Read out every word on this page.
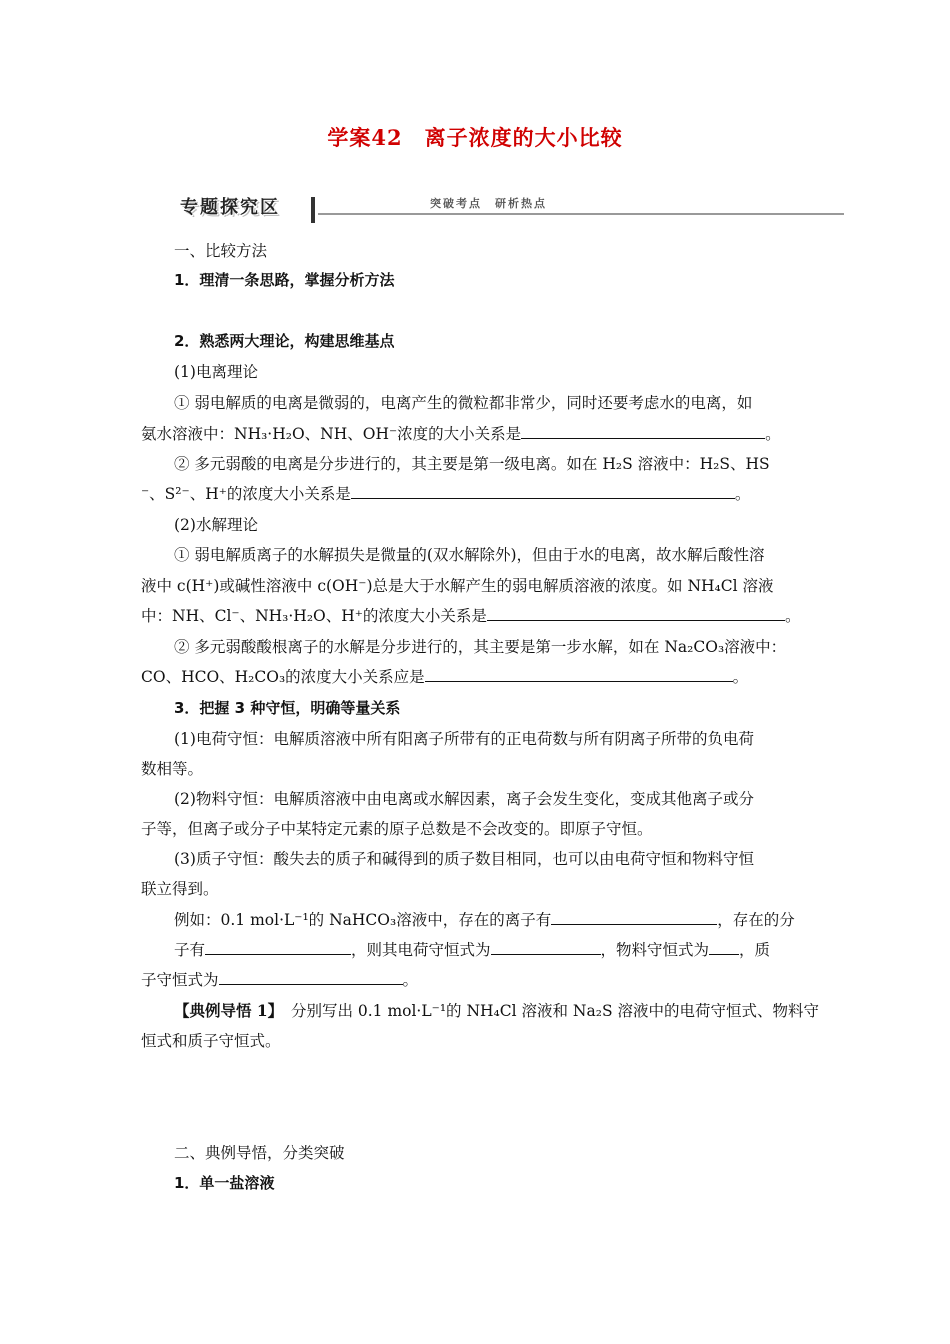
学案42　离子浓度的大小比较
专题探究区	突破考点　研析热点
一、比较方法
1．理清一条思路，掌握分析方法
2．熟悉两大理论，构建思维基点
(1)电离理论
① 弱电解质的电离是微弱的，电离产生的微粒都非常少，同时还要考虑水的电离，如
氨水溶液中：NH₃·H₂O、NH、OH⁻浓度的大小关系是	。
② 多元弱酸的电离是分步进行的，其主要是第一级电离。如在 H₂S 溶液中：H₂S、HS
⁻、S²⁻、H⁺的浓度大小关系是	。
(2)水解理论
① 弱电解质离子的水解损失是微量的(双水解除外)，但由于水的电离，故水解后酸性溶
液中 c(H⁺)或碱性溶液中 c(OH⁻)总是大于水解产生的弱电解质溶液的浓度。如 NH₄Cl 溶液
中：NH、Cl⁻、NH₃·H₂O、H⁺的浓度大小关系是	。
② 多元弱酸酸根离子的水解是分步进行的，其主要是第一步水解，如在 Na₂CO₃溶液中：
CO、HCO、H₂CO₃的浓度大小关系应是	。
3．把握 3 种守恒，明确等量关系
(1)电荷守恒：电解质溶液中所有阳离子所带有的正电荷数与所有阴离子所带的负电荷
数相等。
(2)物料守恒：电解质溶液中由电离或水解因素，离子会发生变化，变成其他离子或分
子等，但离子或分子中某特定元素的原子总数是不会改变的。即原子守恒。
(3)质子守恒：酸失去的质子和碱得到的质子数目相同，也可以由电荷守恒和物料守恒
联立得到。
例如：0.1 mol·L⁻¹的 NaHCO₃溶液中，存在的离子有	，存在的分
子有	，则其电荷守恒式为	，物料守恒式为 ，质
子守恒式为	。
【典例导悟 1】　分别写出 0.1 mol·L⁻¹的 NH₄Cl 溶液和 Na₂S 溶液中的电荷守恒式、物料守
恒式和质子守恒式。
二、典例导悟，分类突破
1．单一盐溶液
